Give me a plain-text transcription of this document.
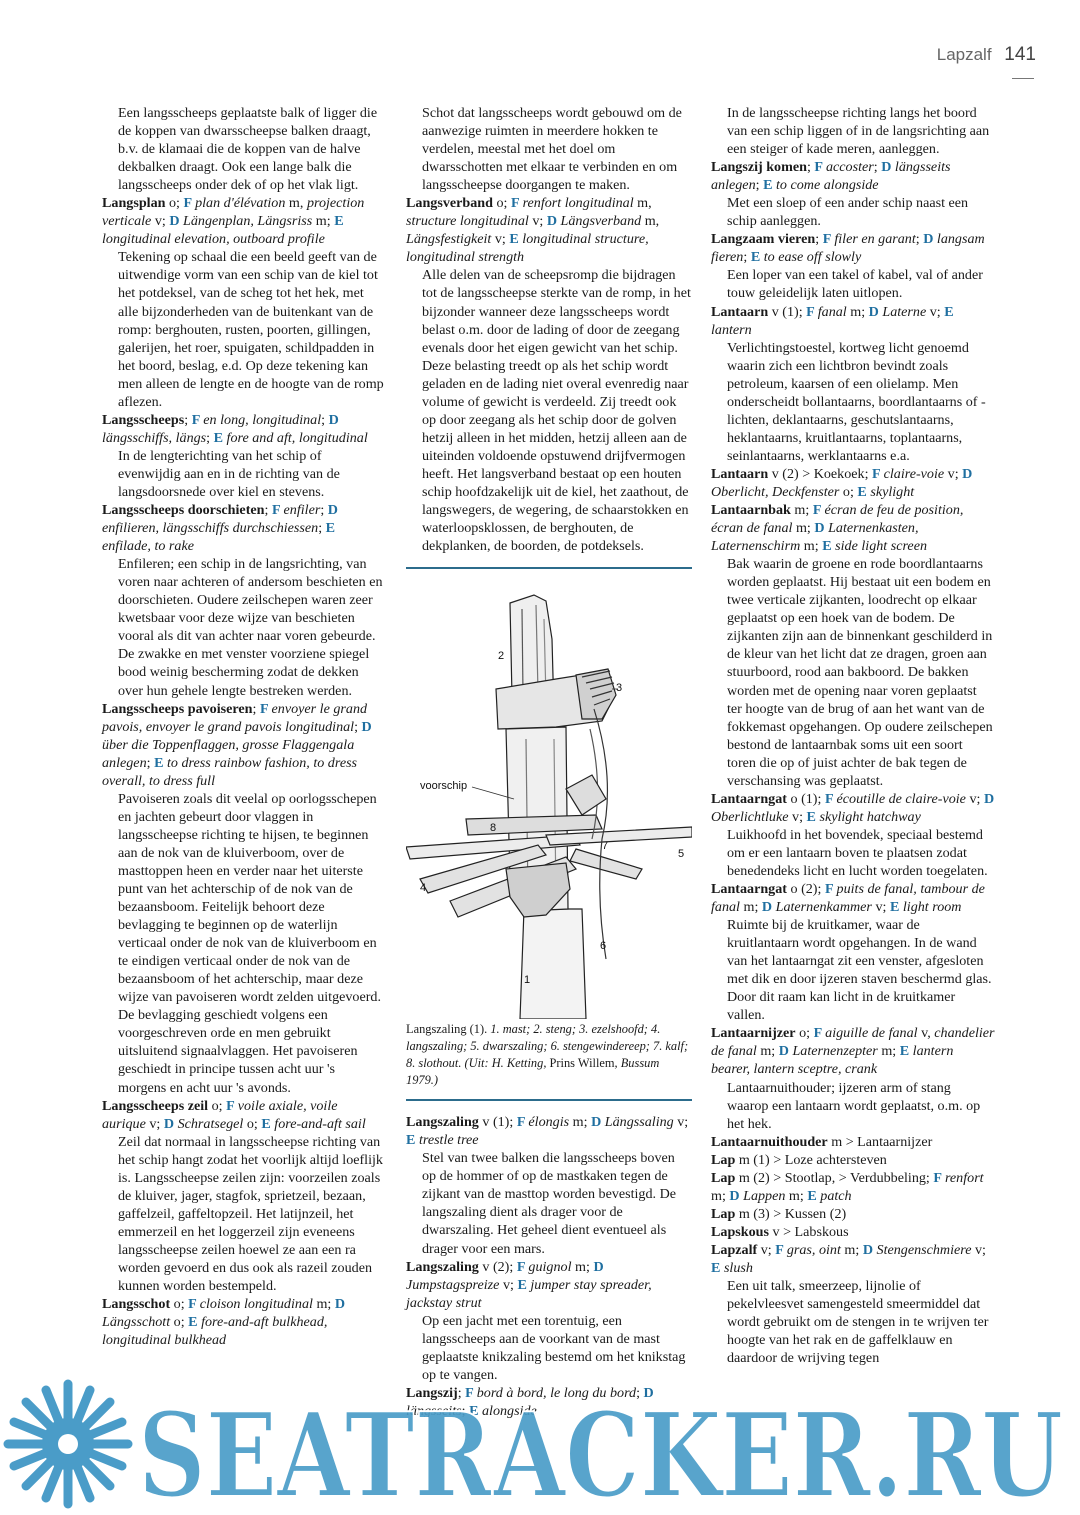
Lapzalf 141
Een langsscheeps geplaatste balk of ligger die de koppen van dwarsscheepse balken draagt, b.v. de klamaai die de koppen van de halve dekbalken draagt. Ook een lange balk die langsscheeps onder dek of op het vlak ligt.
Langsplan o; F plan d'élévation m, projection verticale v; D Längenplan, Längsriss m; E longitudinal elevation, outboard profile
Tekening op schaal die een beeld geeft van de uitwendige vorm van een schip van de kiel tot het potdeksel, van de scheg tot het hek, met alle bijzonderheden van de buitenkant van de romp: berghouten, rusten, poorten, gillingen, galerijen, het roer, spuigaten, schildpadden in het boord, beslag, e.d. Op deze tekening kan men alleen de lengte en de hoogte van de romp aflezen.
Langsscheeps; F en long, longitudinal; D längsschiffs, längs; E fore and aft, longitudinal
In de lengterichting van het schip of evenwijdig aan en in de richting van de langsdoorsnede over kiel en stevens.
Langsscheeps doorschieten; F enfiler; D enfilieren, längsschiffs durchschiessen; E enfilade, to rake
Enfileren; een schip in de langsrichting, van voren naar achteren of andersom beschieten en doorschieten. Oudere zeilschepen waren zeer kwetsbaar voor deze wijze van beschieten vooral als dit van achter naar voren gebeurde. De zwakke en met venster voorziene spiegel bood weinig bescherming zodat de dekken over hun gehele lengte bestreken werden.
Langsscheeps pavoiseren; F envoyer le grand pavois, envoyer le grand pavois longitudinal; D über die Toppenflaggen, grosse Flaggengala anlegen; E to dress rainbow fashion, to dress overall, to dress full
Pavoiseren zoals dit veelal op oorlogsschepen en jachten gebeurt door vlaggen in langsscheepse richting te hijsen, te beginnen aan de nok van de kluiverboom, over de masttoppen heen en verder naar het uiterste punt van het achterschip of de nok van de bezaansboom. Feitelijk behoort deze bevlagging te beginnen op de waterlijn verticaal onder de nok van de kluiverboom en te eindigen verticaal onder de nok van de bezaansboom of het achterschip, maar deze wijze van pavoiseren wordt zelden uitgevoerd.
De bevlagging geschiedt volgens een voorgeschreven orde en men gebruikt uitsluitend signaalvlaggen. Het pavoiseren geschiedt in principe tussen acht uur 's morgens en acht uur 's avonds.
Langsscheeps zeil o; F voile axiale, voile aurique v; D Schratsegel o; E fore-and-aft sail
Zeil dat normaal in langsscheepse richting van het schip hangt zodat het voorlijk altijd loeflijk is. Langsscheepse zeilen zijn: voorzeilen zoals de kluiver, jager, stagfok, sprietzeil, bezaan, gaffelzeil, gaffeltopzeil. Het latijnzeil, het emmerzeil en het loggerzeil zijn eveneens langsscheepse zeilen hoewel ze aan een ra worden gevoerd en dus ook als razeil zouden kunnen worden bestempeld.
Langsschot o; F cloison longitudinal m; D Längsschott o; E fore-and-aft bulkhead, longitudinal bulkhead
Schot dat langsscheeps wordt gebouwd om de aanwezige ruimten in meerdere hokken te verdelen, meestal met het doel om dwarsschotten met elkaar te verbinden en om langsscheepse doorgangen te maken.
Langsverband o; F renfort longitudinal m, structure longitudinal v; D Längsverband m, Längsfestigkeit v; E longitudinal structure, longitudinal strength
Alle delen van de scheepsromp die bijdragen tot de langsscheepse sterkte van de romp, in het bijzonder wanneer deze langsscheeps wordt belast o.m. door de lading of door de zeegang evenals door het eigen gewicht van het schip. Deze belasting treedt op als het schip wordt geladen en de lading niet overal evenredig naar volume of gewicht is verdeeld. Zij treedt ook op door zeegang als het schip door de golven hetzij alleen in het midden, hetzij alleen aan de uiteinden voldoende opstuwend drijfvermogen heeft. Het langsverband bestaat op een houten schip hoofdzakelijk uit de kiel, het zaathout, de langswegers, de wegering, de schaarstokken en waterloopsklossen, de berghouten, de dekplanken, de boorden, de potdeksels.
2
3
voorschip
8
7
5
4
6
1
Langszaling (1). 1. mast; 2. steng; 3. ezelshoofd; 4. langszaling; 5. dwarszaling; 6. stengewindereep; 7. kalf; 8. slothout. (Uit: H. Ketting, Prins Willem, Bussum 1979.)
Langszaling v (1); F élongis m; D Längssaling v; E trestle tree
Stel van twee balken die langsscheeps boven op de hommer of op de mastkaken tegen de zijkant van de masttop worden bevestigd. De langszaling dient als drager voor de dwarszaling. Het geheel dient eventueel als drager voor een mars.
Langszaling v (2); F guignol m; D Jumpstagspreize v; E jumper stay spreader, jackstay strut
Op een jacht met een torentuig, een langsscheeps aan de voorkant van de mast geplaatste knikzaling bestemd om het knikstag op te vangen.
Langszij; F bord à bord, le long du bord; D längsseits; E alongside
In de langsscheepse richting langs het boord van een schip liggen of in de langsrichting aan een steiger of kade meren, aanleggen.
Langszij komen; F accoster; D längsseits anlegen; E to come alongside
Met een sloep of een ander schip naast een schip aanleggen.
Langzaam vieren; F filer en garant; D langsam fieren; E to ease off slowly
Een loper van een takel of kabel, val of ander touw geleidelijk laten uitlopen.
Lantaarn v (1); F fanal m; D Laterne v; E lantern
Verlichtingstoestel, kortweg licht genoemd waarin zich een lichtbron bevindt zoals petroleum, kaarsen of een olielamp. Men onderscheidt bollantaarns, boordlantaarns of -lichten, deklantaarns, geschutslantaarns, heklantaarns, kruitlantaarns, toplantaarns, seinlantaarns, werklantaarns e.a.
Lantaarn v (2) > Koekoek; F claire-voie v; D Oberlicht, Deckfenster o; E skylight
Lantaarnbak m; F écran de feu de position, écran de fanal m; D Laternenkasten, Laternenschirm m; E side light screen
Bak waarin de groene en rode boordlantaarns worden geplaatst. Hij bestaat uit een bodem en twee verticale zijkanten, loodrecht op elkaar geplaatst op een hoek van de bodem. De zijkanten zijn aan de binnenkant geschilderd in de kleur van het licht dat ze dragen, groen aan stuurboord, rood aan bakboord. De bakken worden met de opening naar voren geplaatst ter hoogte van de brug of aan het want van de fokkemast opgehangen. Op oudere zeilschepen bestond de lantaarnbak soms uit een soort toren die op of juist achter de bak tegen de verschansing was geplaatst.
Lantaarngat o (1); F écoutille de claire-voie v; D Oberlichtluke v; E skylight hatchway
Luikhoofd in het bovendek, speciaal bestemd om er een lantaarn boven te plaatsen zodat benedendeks licht en lucht worden toegelaten.
Lantaarngat o (2); F puits de fanal, tambour de fanal m; D Laternenkammer v; E light room
Ruimte bij de kruitkamer, waar de kruitlantaarn wordt opgehangen. In de wand van het lantaarngat zit een venster, afgesloten met dik en door ijzeren staven beschermd glas. Door dit raam kan licht in de kruitkamer vallen.
Lantaarnijzer o; F aiguille de fanal v, chandelier de fanal m; D Laternenzepter m; E lantern bearer, lantern sceptre, crank
Lantaarnuithouder; ijzeren arm of stang waarop een lantaarn wordt geplaatst, o.m. op het hek.
Lantaarnuithouder m > Lantaarnijzer
Lap m (1) > Loze achtersteven
Lap m (2) > Stootlap, > Verdubbeling; F renfort m; D Lappen m; E patch
Lap m (3) > Kussen (2)
Lapskous v > Labskous
Lapzalf v; F gras, oint m; D Stengenschmiere v; E slush
Een uit talk, smeerzeep, lijnolie of pekelvleesvet samengesteld smeermiddel dat wordt gebruikt om de stengen in te wrijven ter hoogte van het rak en de gaffelklauw en daardoor de wrijving tegen
SEATRACKER.RU
